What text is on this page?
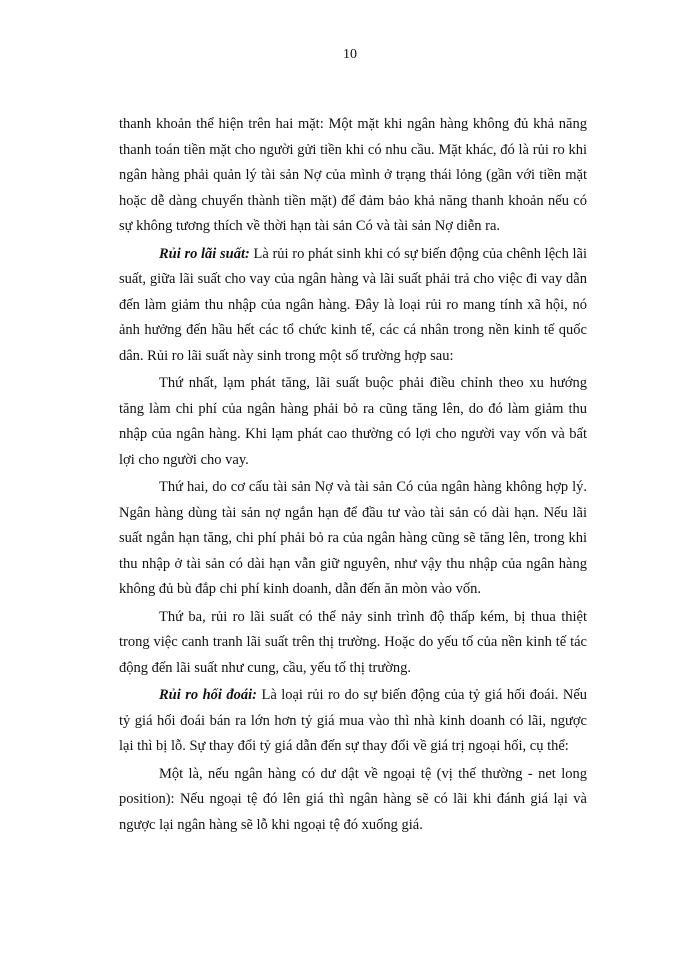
10

thanh khoản thể hiện trên hai mặt: Một mặt khi ngân hàng không đủ khả năng thanh toán tiền mặt cho người gửi tiền khi có nhu cầu. Mặt khác, đó là rủi ro khi ngân hàng phải quản lý tài sản Nợ của mình ở trạng thái lỏng (gần với tiền mặt hoặc dễ dàng chuyển thành tiền mặt) để đảm bảo khả năng thanh khoản nếu có sự không tương thích về thời hạn tài sản Có và tài sản Nợ diễn ra.

Rủi ro lãi suất: Là rủi ro phát sinh khi có sự biến động của chênh lệch lãi suất, giữa lãi suất cho vay của ngân hàng và lãi suất phải trả cho việc đi vay dẫn đến làm giảm thu nhập của ngân hàng. Đây là loại rủi ro mang tính xã hội, nó ảnh hưởng đến hầu hết các tổ chức kinh tế, các cá nhân trong nền kinh tế quốc dân. Rủi ro lãi suất này sinh trong một số trường hợp sau:

Thứ nhất, lạm phát tăng, lãi suất buộc phải điều chỉnh theo xu hướng tăng làm chi phí của ngân hàng phải bỏ ra cũng tăng lên, do đó làm giảm thu nhập của ngân hàng. Khi lạm phát cao thường có lợi cho người vay vốn và bất lợi cho người cho vay.

Thứ hai, do cơ cấu tài sản Nợ và tài sản Có của ngân hàng không hợp lý. Ngân hàng dùng tài sản nợ ngắn hạn để đầu tư vào tài sản có dài hạn. Nếu lãi suất ngắn hạn tăng, chi phí phải bỏ ra của ngân hàng cũng sẽ tăng lên, trong khi thu nhập ở tài sản có dài hạn vẫn giữ nguyên, như vậy thu nhập của ngân hàng không đủ bù đắp chi phí kinh doanh, dẫn đến ăn mòn vào vốn.

Thứ ba, rủi ro lãi suất có thể nảy sinh trình độ thấp kém, bị thua thiệt trong việc canh tranh lãi suất trên thị trường. Hoặc do yếu tố của nền kinh tế tác động đến lãi suất như cung, cầu, yếu tố thị trường.

Rủi ro hối đoái: Là loại rủi ro do sự biến động của tỷ giá hối đoái. Nếu tỷ giá hối đoái bán ra lớn hơn tỷ giá mua vào thì nhà kinh doanh có lãi, ngược lại thì bị lỗ. Sự thay đổi tỷ giá dẫn đến sự thay đổi về giá trị ngoại hối, cụ thể:

Một là, nếu ngân hàng có dư dật về ngoại tệ (vị thế thường - net long position): Nếu ngoại tệ đó lên giá thì ngân hàng sẽ có lãi khi đánh giá lại và ngược lại ngân hàng sẽ lỗ khi ngoại tệ đó xuống giá.
